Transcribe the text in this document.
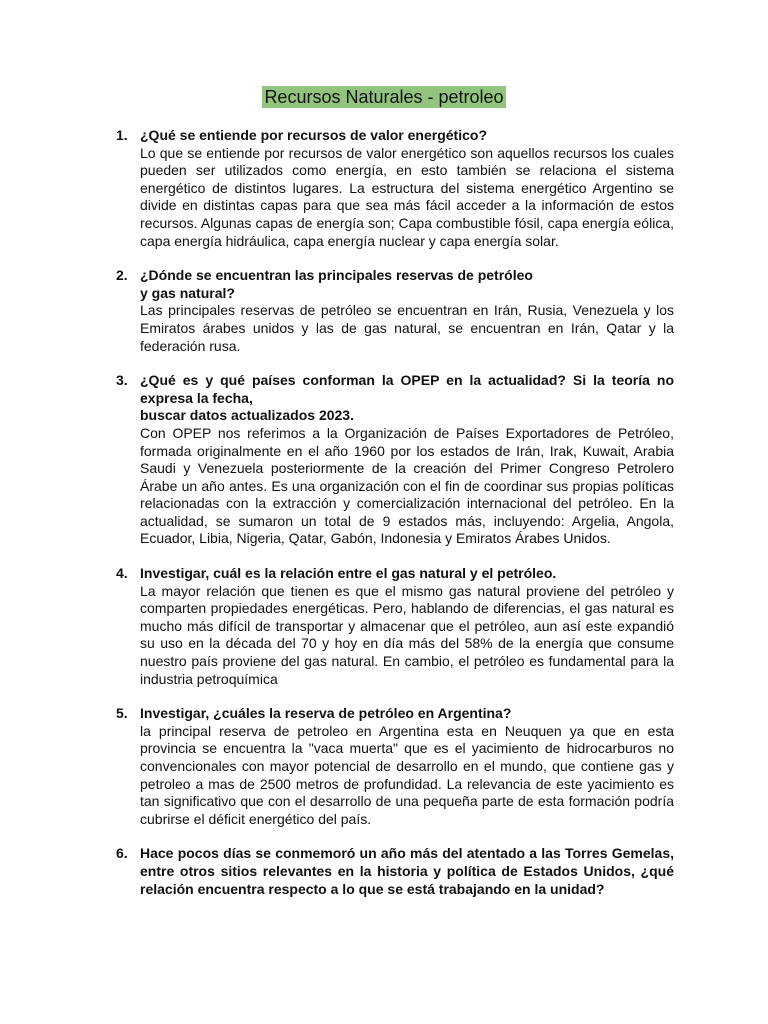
Recursos Naturales - petroleo
1. ¿Qué se entiende por recursos de valor energético?

Lo que se entiende por recursos de valor energético son aquellos recursos los cuales pueden ser utilizados como energía, en esto también se relaciona el sistema energético de distintos lugares. La estructura del sistema energético Argentino se divide en distintas capas para que sea más fácil acceder a la información de estos recursos. Algunas capas de energía son; Capa combustible fósil, capa energía eólica, capa energía hidráulica, capa energía nuclear y capa energía solar.

2. ¿Dónde se encuentran las principales reservas de petróleo
y gas natural?

Las principales reservas de petróleo se encuentran en Irán, Rusia, Venezuela y los Emiratos árabes unidos y las de gas natural, se encuentran en Irán, Qatar y la federación rusa.

3. ¿Qué es y qué países conforman la OPEP en la actualidad? Si la teoría no expresa la fecha,
buscar datos actualizados 2023.

Con OPEP nos referimos a la Organización de Países Exportadores de Petróleo, formada originalmente en el año 1960 por los estados de Irán, Irak, Kuwait, Arabia Saudi y Venezuela posteriormente de la creación del Primer Congreso Petrolero Árabe un año antes. Es una organización con el fin de coordinar sus propias políticas relacionadas con la extracción y comercialización internacional del petróleo. En la actualidad, se sumaron un total de 9 estados más, incluyendo: Argelia, Angola, Ecuador, Libia, Nigeria, Qatar, Gabón, Indonesia y Emiratos Árabes Unidos.

4. Investigar, cuál es la relación entre el gas natural y el petróleo.

La mayor relación que tienen es que el mismo gas natural proviene del petróleo y comparten propiedades energéticas. Pero, hablando de diferencias, el gas natural es mucho más difícil de transportar y almacenar que el petróleo, aun así este expandió su uso en la década del 70 y hoy en día más del 58% de la energía que consume nuestro país proviene del gas natural. En cambio, el petróleo es fundamental para la industria petroquímica

5. Investigar, ¿cuáles la reserva de petróleo en Argentina?

la principal reserva de petroleo en Argentina esta en Neuquen ya que en esta provincia se encuentra la "vaca muerta" que es el yacimiento de hidrocarburos no convencionales con mayor potencial de desarrollo en el mundo, que contiene gas y petroleo a mas de 2500 metros de profundidad. La relevancia de este yacimiento es tan significativo que con el desarrollo de una pequeña parte de esta formación podría cubrirse el déficit energético del país.

6. Hace pocos días se conmemoró un año más del atentado a las Torres Gemelas, entre otros sitios relevantes en la historia y política de Estados Unidos, ¿qué relación encuentra respecto a lo que se está trabajando en la unidad?
